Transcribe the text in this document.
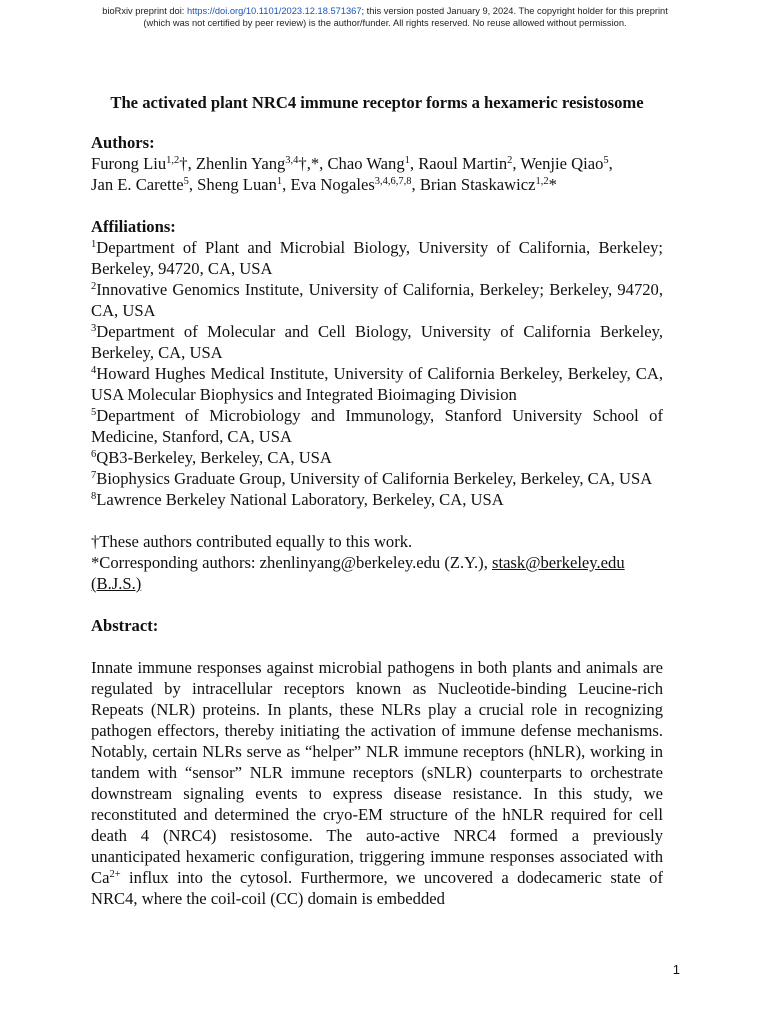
bioRxiv preprint doi: https://doi.org/10.1101/2023.12.18.571367; this version posted January 9, 2024. The copyright holder for this preprint
(which was not certified by peer review) is the author/funder. All rights reserved. No reuse allowed without permission.

The activated plant NRC4 immune receptor forms a hexameric resistosome

Authors:

Furong Liu$^{1,2}$†, Zhenlin Yang$^{3,4}$†,*, Chao Wang$^1$, Raoul Martin$^2$, Wenjie Qiao$^5$,
Jan E. Carette$^5$, Sheng Luan$^1$, Eva Nogales$^{3,4,6,7,8}$, Brian Staskawicz$^{1,2}$*

Affiliations:

$^1$Department of Plant and Microbial Biology, University of California, Berkeley; Berkeley, 94720, CA, USA

$^2$Innovative Genomics Institute, University of California, Berkeley; Berkeley, 94720, CA, USA

$^3$Department of Molecular and Cell Biology, University of California Berkeley, Berkeley, CA, USA

$^4$Howard Hughes Medical Institute, University of California Berkeley, Berkeley, CA, USA Molecular Biophysics and Integrated Bioimaging Division

$^5$Department of Microbiology and Immunology, Stanford University School of Medicine, Stanford, CA, USA

$^6$QB3-Berkeley, Berkeley, CA, USA

$^7$Biophysics Graduate Group, University of California Berkeley, Berkeley, CA, USA

$^8$Lawrence Berkeley National Laboratory, Berkeley, CA, USA

†These authors contributed equally to this work.

*Corresponding authors: zhenlinyang@berkeley.edu (Z.Y.), stask@berkeley.edu
(B.J.S.)

Abstract:

Innate immune responses against microbial pathogens in both plants and animals are regulated by intracellular receptors known as Nucleotide-binding Leucine-rich Repeats (NLR) proteins. In plants, these NLRs play a crucial role in recognizing pathogen effectors, thereby initiating the activation of immune defense mechanisms. Notably, certain NLRs serve as “helper” NLR immune receptors (hNLR), working in tandem with “sensor” NLR immune receptors (sNLR) counterparts to orchestrate downstream signaling events to express disease resistance. In this study, we reconstituted and determined the cryo-EM structure of the hNLR required for cell death 4 (NRC4) resistosome. The auto-active NRC4 formed a previously unanticipated hexameric configuration, triggering immune responses associated with $Ca^{2+}$ influx into the cytosol. Furthermore, we uncovered a dodecameric state of NRC4, where the coil-coil (CC) domain is embedded

1
